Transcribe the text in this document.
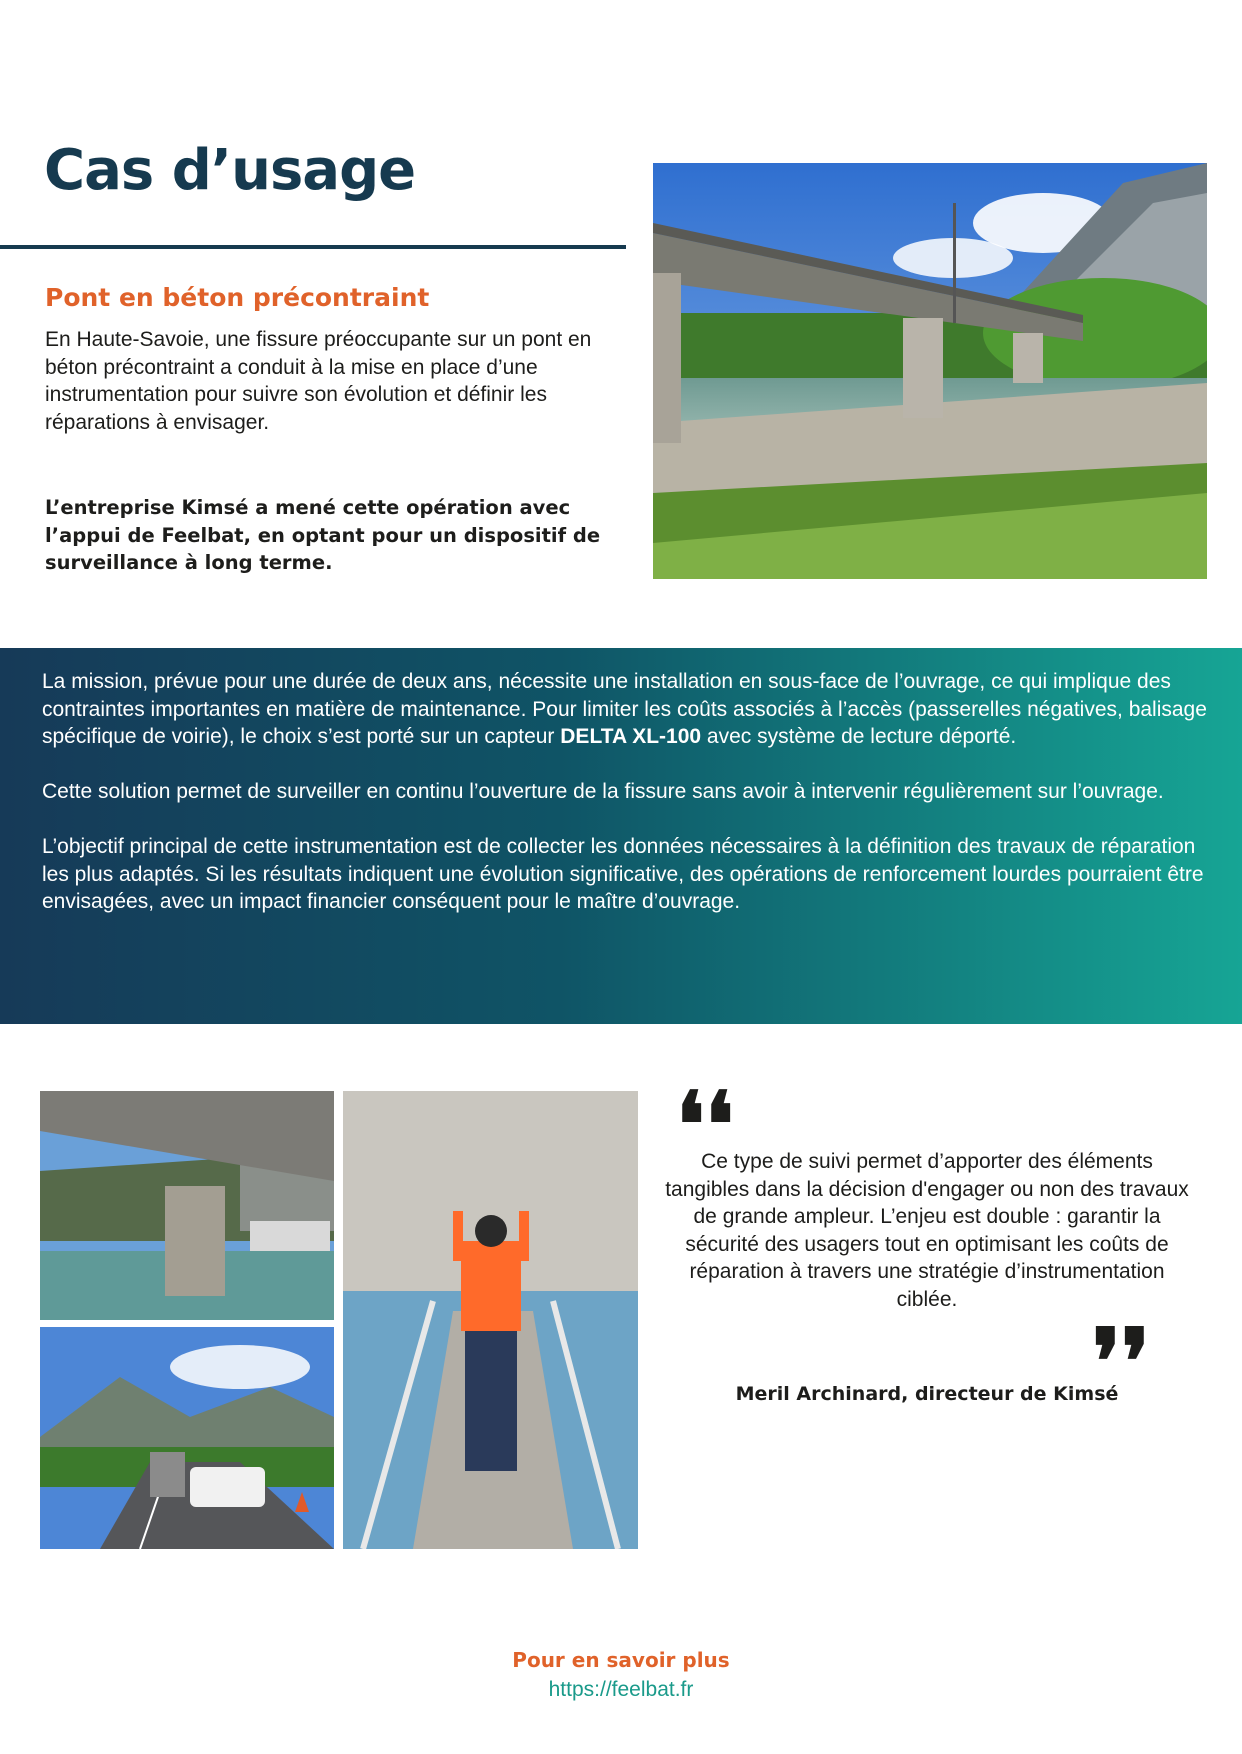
Cas d’usage
Pont en béton précontraint

En Haute-Savoie, une fissure préoccupante sur un pont en béton précontraint a conduit à la mise en place d’une instrumentation pour suivre son évolution et définir les réparations à envisager.

L’entreprise Kimsé a mené cette opération avec l’appui de Feelbat, en optant pour un dispositif de surveillance à long terme.

La mission, prévue pour une durée de deux ans, nécessite une installation en sous-face de l’ouvrage, ce qui implique des contraintes importantes en matière de maintenance. Pour limiter les coûts associés à l’accès (passerelles négatives, balisage spécifique de voirie), le choix s’est porté sur un capteur DELTA XL-100 avec système de lecture déporté.

Cette solution permet de surveiller en continu l’ouverture de la fissure sans avoir à intervenir régulièrement sur l’ouvrage.

L’objectif principal de cette instrumentation est de collecter les données nécessaires à la définition des travaux de réparation les plus adaptés. Si les résultats indiquent une évolution significative, des opérations de renforcement lourdes pourraient être envisagées, avec un impact financier conséquent pour le maître d’ouvrage.

❛❛

Ce type de suivi permet d’apporter des éléments tangibles dans la décision d'engager ou non des travaux de grande ampleur. L’enjeu est double : garantir la sécurité des usagers tout en optimisant les coûts de réparation à travers une stratégie d’instrumentation ciblée.

❜❜

Meril Archinard, directeur de Kimsé

Pour en savoir plus

https://feelbat.fr
